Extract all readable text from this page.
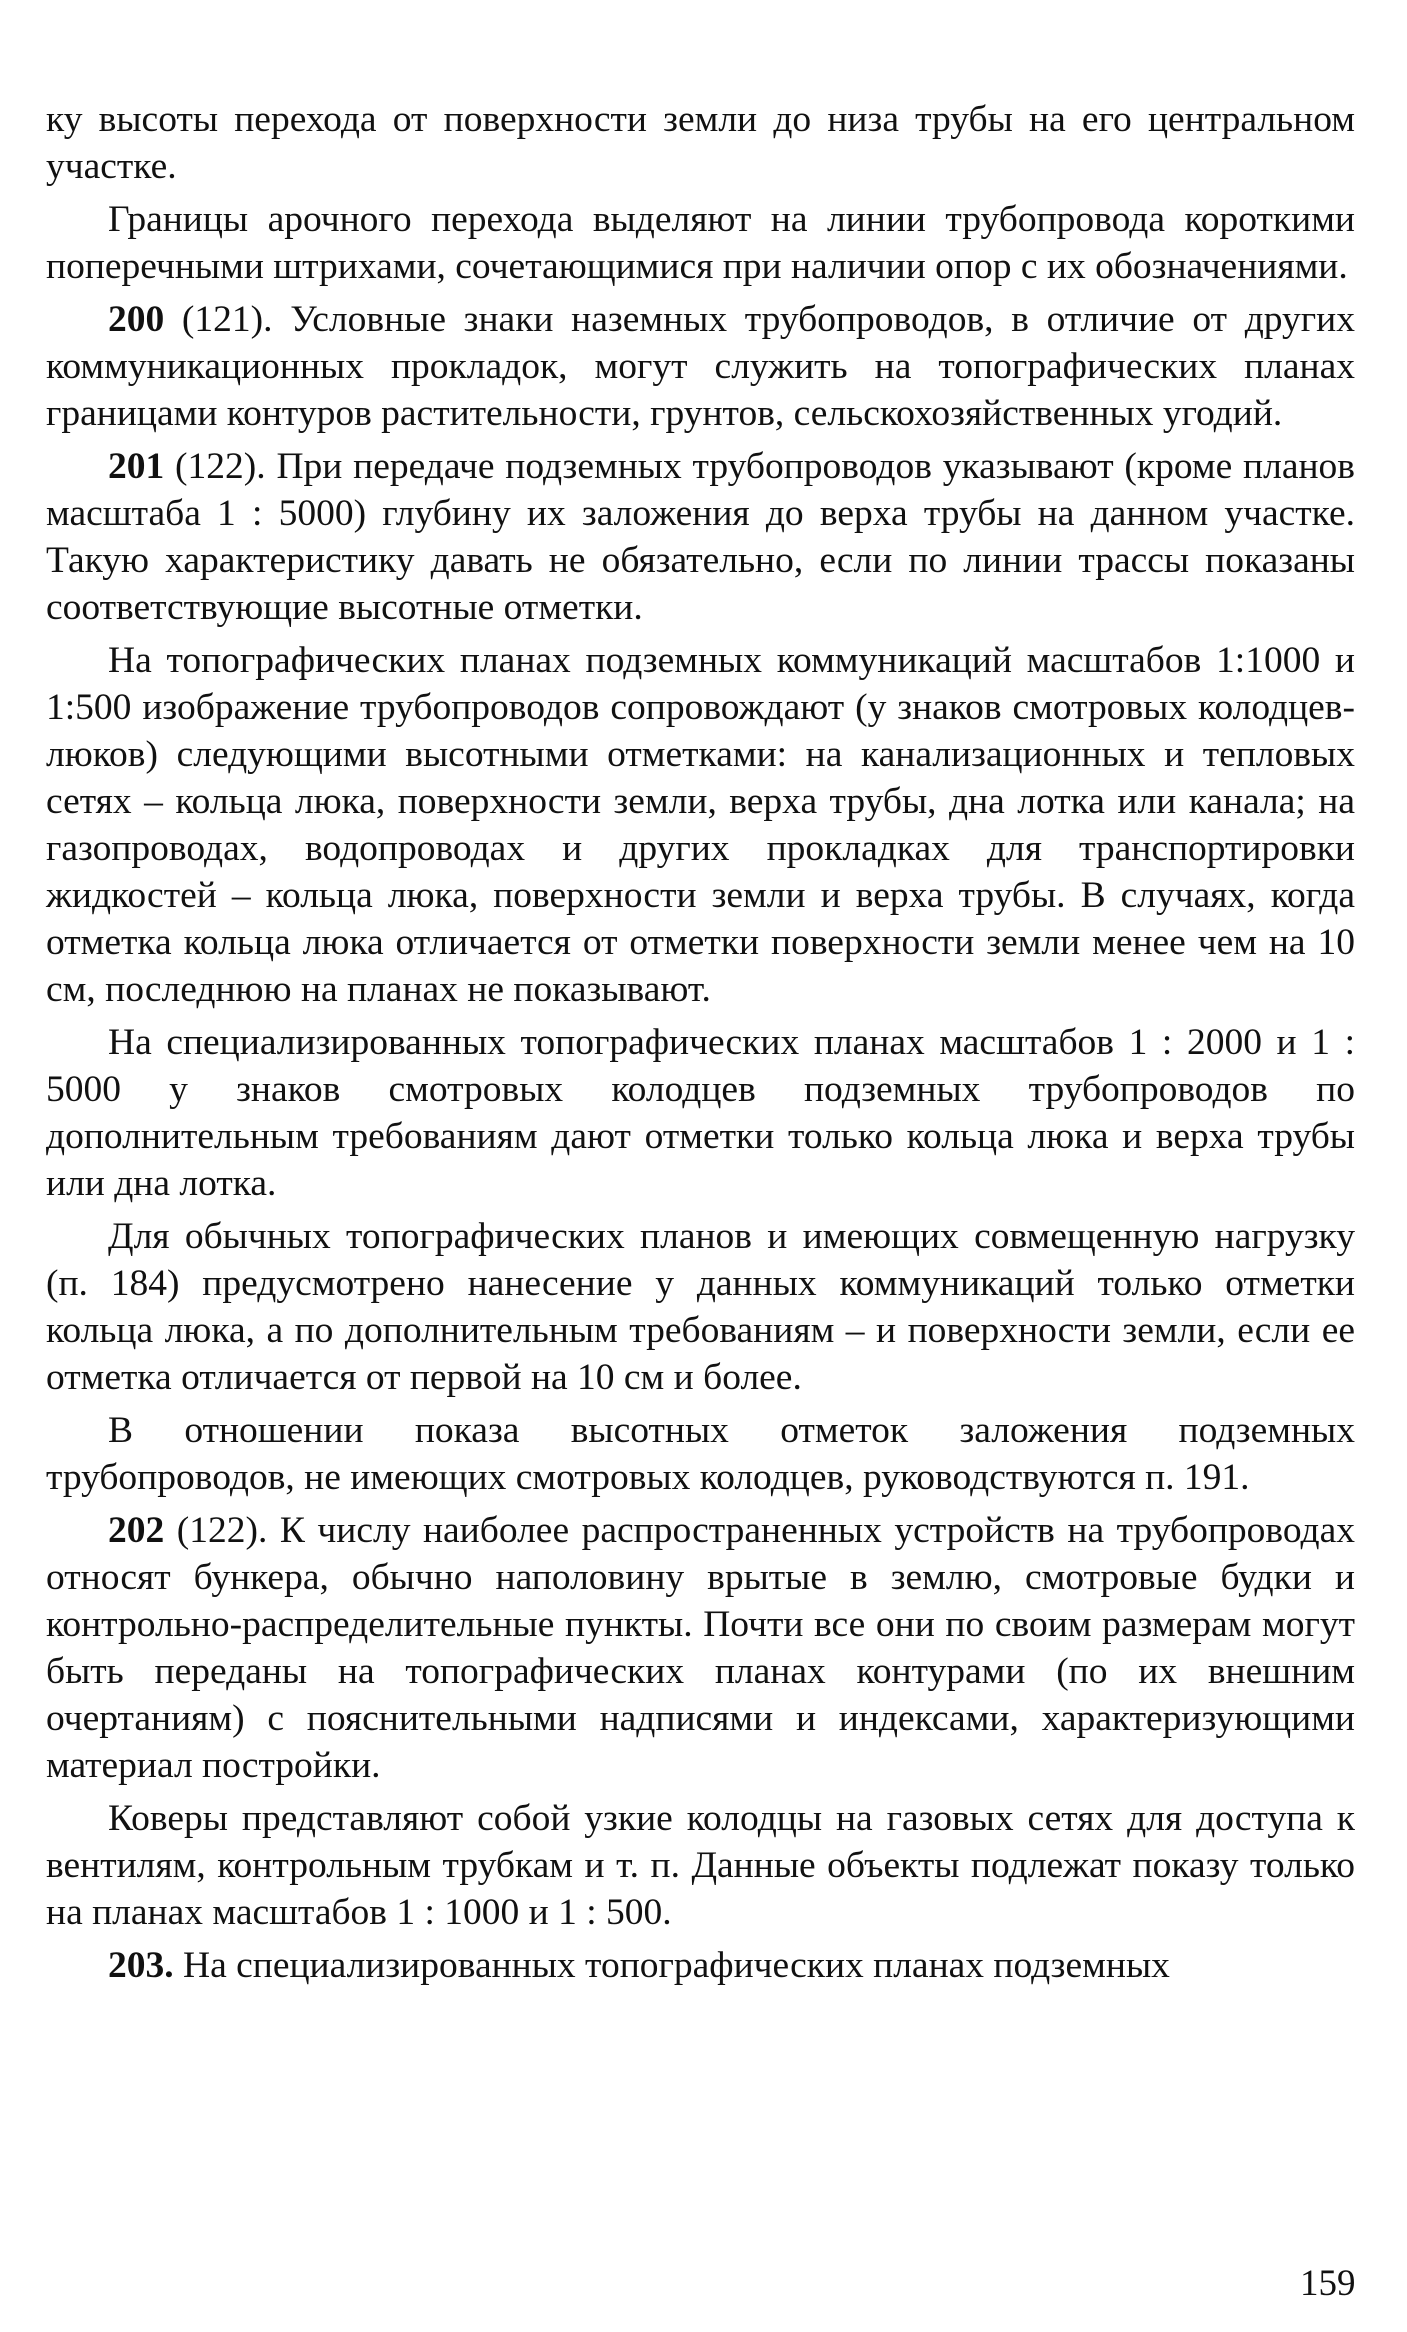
ку высоты перехода от поверхности земли до низа трубы на его центральном участке.

Границы арочного перехода выделяют на линии трубопровода короткими поперечными штрихами, сочетающимися при наличии опор с их обозначениями.

200 (121). Условные знаки наземных трубопроводов, в отличие от других коммуникационных прокладок, могут служить на топографических планах границами контуров растительности, грунтов, сельскохозяйственных угодий.

201 (122). При передаче подземных трубопроводов указывают (кроме планов масштаба 1 : 5000) глубину их заложения до верха трубы на данном участке. Такую характеристику давать не обязательно, если по линии трассы показаны соответствующие высотные отметки.

На топографических планах подземных коммуникаций масштабов 1:1000 и 1:500 изображение трубопроводов сопровождают (у знаков смотровых колодцев-люков) следующими высотными отметками: на канализационных и тепловых сетях – кольца люка, поверхности земли, верха трубы, дна лотка или канала; на газопроводах, водопроводах и других прокладках для транспортировки жидкостей – кольца люка, поверхности земли и верха трубы. В случаях, когда отметка кольца люка отличается от отметки поверхности земли менее чем на 10 см, последнюю на планах не показывают.

На специализированных топографических планах масштабов 1 : 2000 и 1 : 5000 у знаков смотровых колодцев подземных трубопроводов по дополнительным требованиям дают отметки только кольца люка и верха трубы или дна лотка.

Для обычных топографических планов и имеющих совмещенную нагрузку (п. 184) предусмотрено нанесение у данных коммуникаций только отметки кольца люка, а по дополнительным требованиям – и поверхности земли, если ее отметка отличается от первой на 10 см и более.

В отношении показа высотных отметок заложения подземных трубопроводов, не имеющих смотровых колодцев, руководствуются п. 191.

202 (122). К числу наиболее распространенных устройств на трубопроводах относят бункера, обычно наполовину врытые в землю, смотровые будки и контрольно-распределительные пункты. Почти все они по своим размерам могут быть переданы на топографических планах контурами (по их внешним очертаниям) с пояснительными надписями и индексами, характеризующими материал постройки.

Коверы представляют собой узкие колодцы на газовых сетях для доступа к вентилям, контрольным трубкам и т. п. Данные объекты подлежат показу только на планах масштабов 1 : 1000 и 1 : 500.

203. На специализированных топографических планах подземных

159
